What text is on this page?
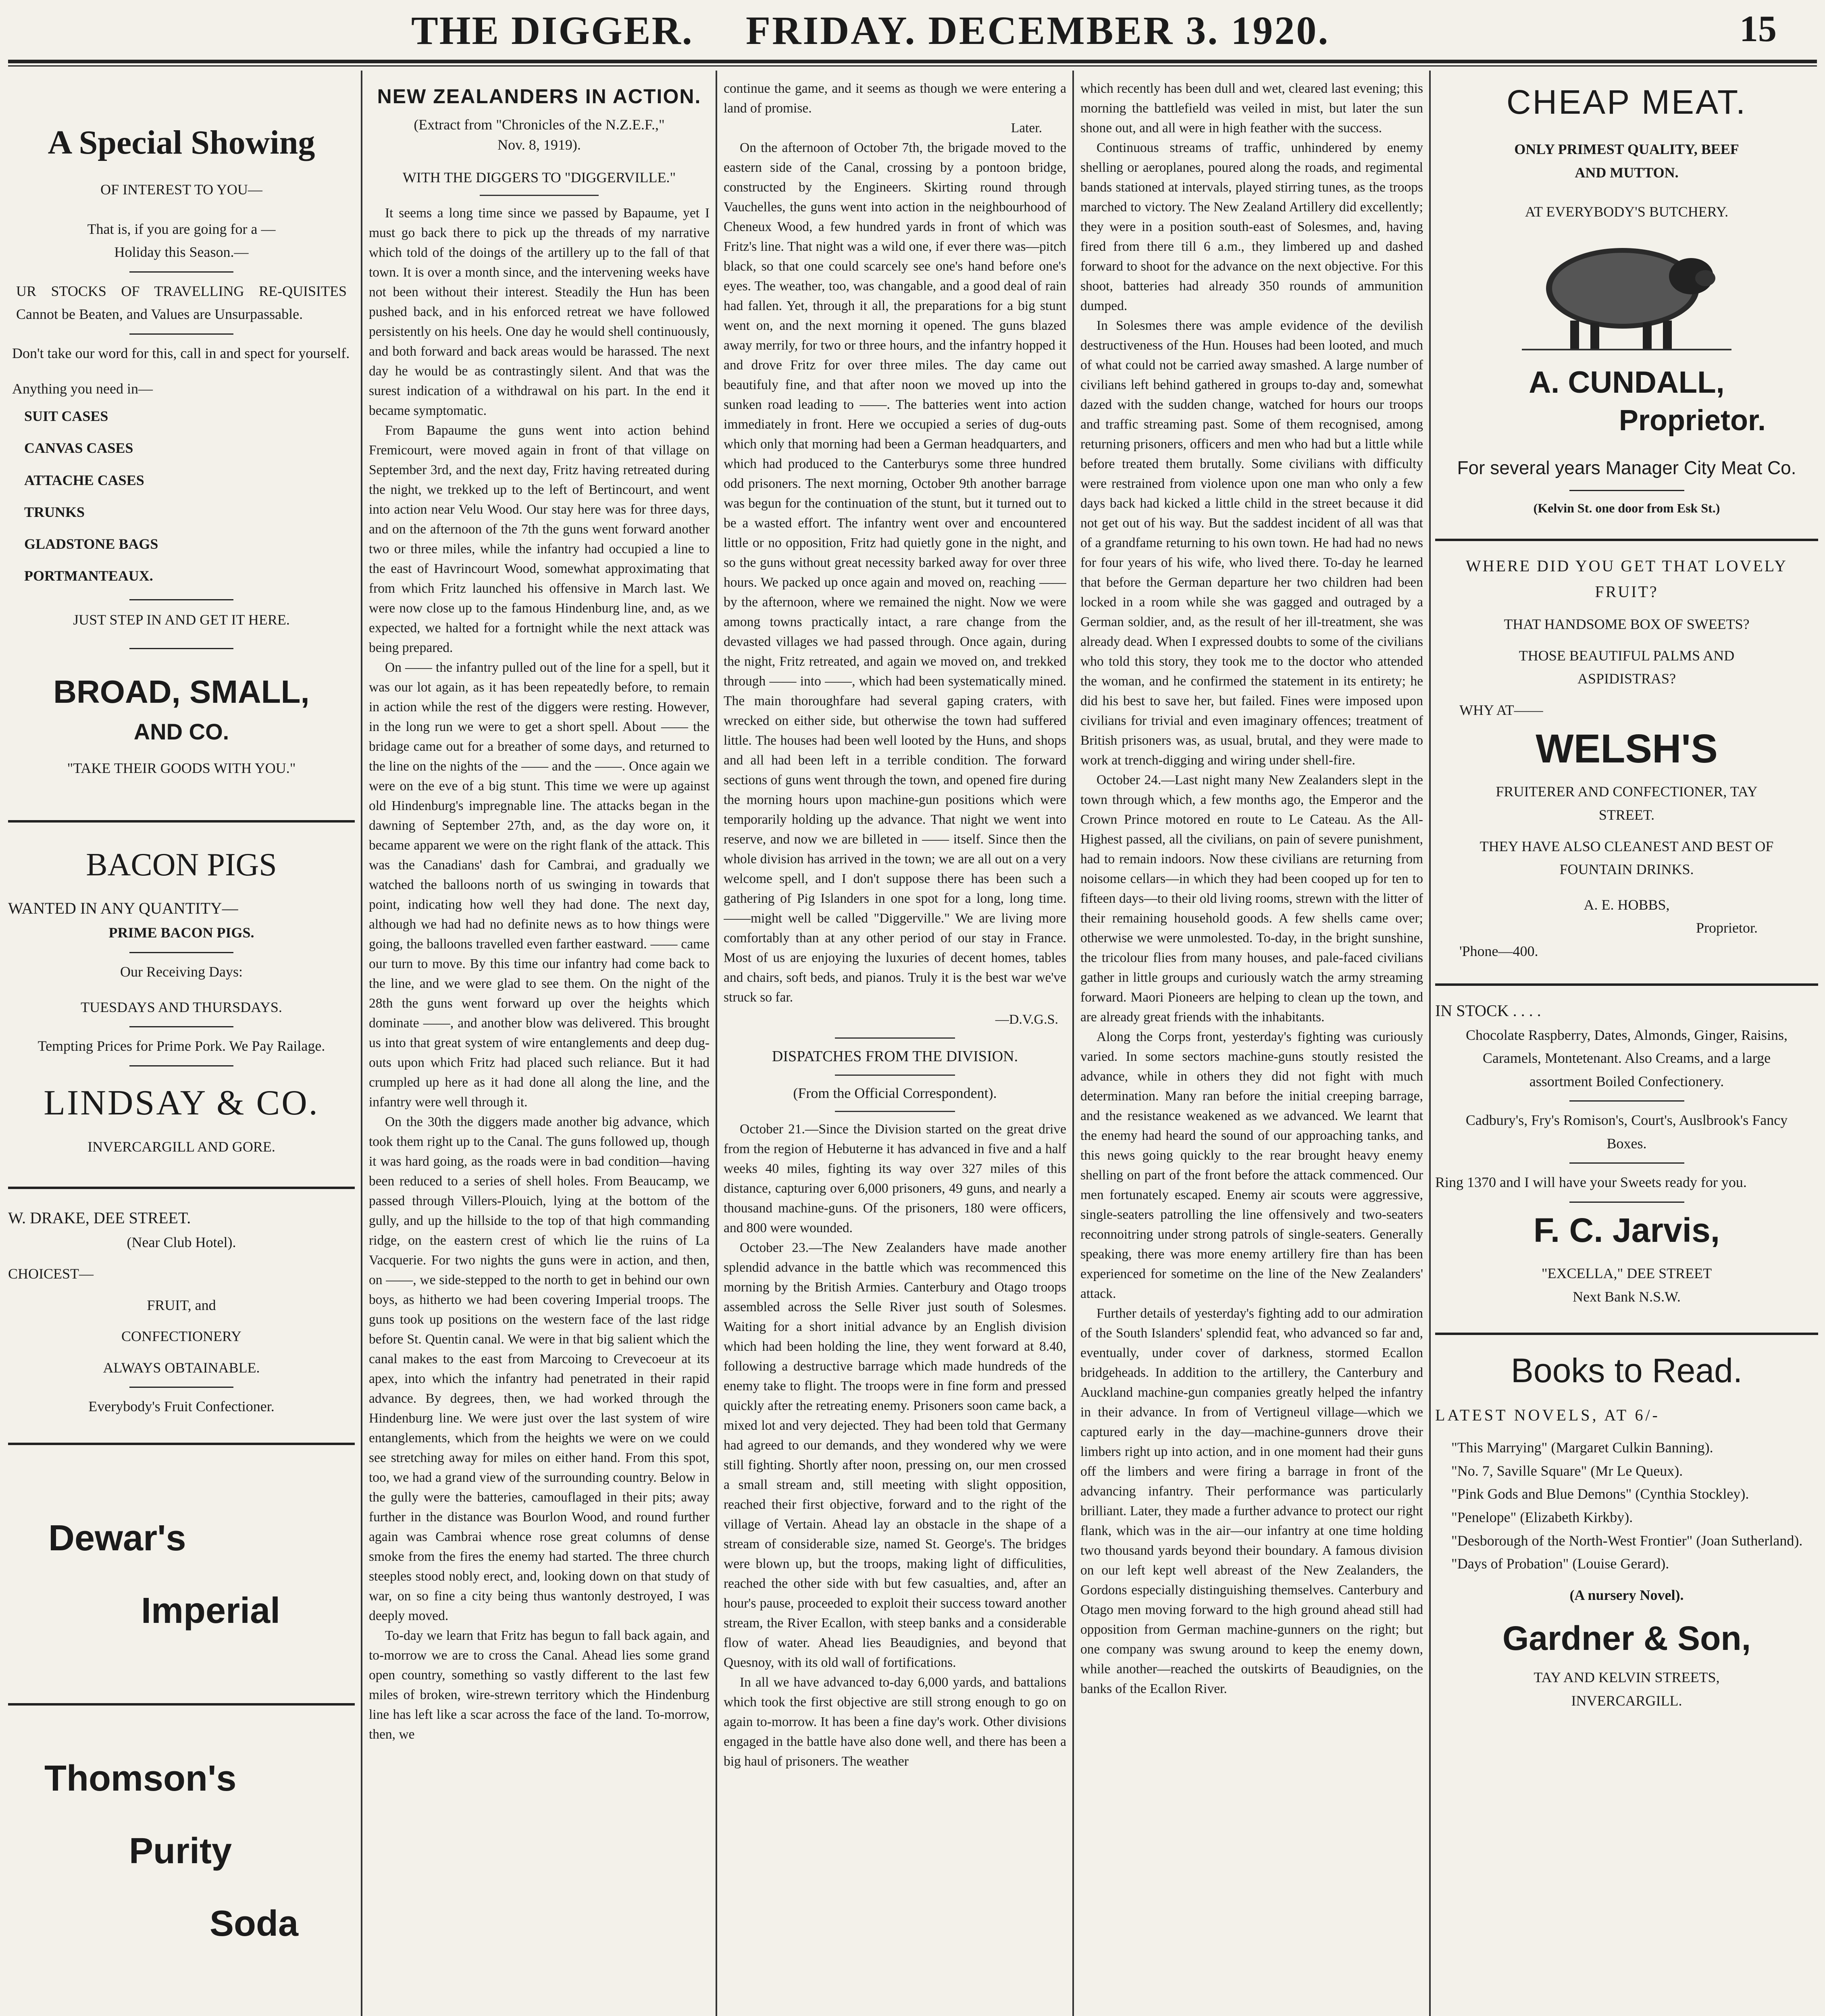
THE DIGGER. FRIDAY. DECEMBER 3. 1920.	15
A Special Showing
OF INTEREST TO YOU—
That is, if you are going for a —Holiday this Season.—
UR STOCKS OF TRAVELLING RE-QUISITES Cannot be Beaten, and Values are Unsurpassable.
Don't take our word for this, call in and spect for yourself.
Anything you need in—
SUIT CASES
CANVAS CASES
ATTACHE CASES
TRUNKS
GLADSTONE BAGS
PORTMANTEAUX.
JUST STEP IN AND GET IT HERE.
BROAD, SMALL,
AND CO.
"TAKE THEIR GOODS WITH YOU."
BACON PIGS
WANTED IN ANY QUANTITY—
PRIME BACON PIGS.
Our Receiving Days:
TUESDAYS AND THURSDAYS.
Tempting Prices for Prime Pork. We Pay Railage.
LINDSAY & CO.
INVERCARGILL AND GORE.
W. DRAKE, DEE STREET.
(Near Club Hotel).
CHOICEST—
FRUIT, and
CONFECTIONERY
ALWAYS OBTAINABLE.
Everybody's Fruit Confectioner.
Dewar's
Imperial
Thomson's
Purity
Soda
NEW ZEALANDERS IN ACTION.
(Extract from "Chronicles of the N.Z.E.F.," Nov. 8, 1919).
WITH THE DIGGERS TO "DIGGERVILLE."

It seems a long time since we passed by Bapaume, yet I must go back there to pick up the threads of my narrative which told of the doings of the artillery up to the fall of that town. It is over a month since, and the intervening weeks have not been without their interest. Steadily the Hun has been pushed back, and in his enforced retreat we have followed persistently on his heels. One day he would shell continuously, and both forward and back areas would be harassed. The next day he would be as contrastingly silent. And that was the surest indication of a withdrawal on his part. In the end it became symptomatic.

From Bapaume the guns went into action behind Fremicourt, were moved again in front of that village on September 3rd, and the next day, Fritz having retreated during the night, we trekked up to the left of Bertincourt, and went into action near Velu Wood. Our stay here was for three days, and on the afternoon of the 7th the guns went forward another two or three miles, while the infantry had occupied a line to the east of Havrincourt Wood, somewhat approximating that from which Fritz launched his offensive in March last. We were now close up to the famous Hindenburg line, and, as we expected, we halted for a fortnight while the next attack was being prepared.

On —— the infantry pulled out of the line for a spell, but it was our lot again, as it has been repeatedly before, to remain in action while the rest of the diggers were resting. However, in the long run we were to get a short spell. About —— the bridage came out for a breather of some days, and returned to the line on the nights of the —— and the ——. Once again we were on the eve of a big stunt. This time we were up against old Hindenburg's impregnable line. The attacks began in the dawning of September 27th, and, as the day wore on, it became apparent we were on the right flank of the attack. This was the Canadians' dash for Cambrai, and gradually we watched the balloons north of us swinging in towards that point, indicating how well they had done. The next day, although we had had no definite news as to how things were going, the balloons travelled even farther eastward. —— came our turn to move. By this time our infantry had come back to the line, and we were glad to see them. On the night of the 28th the guns went forward up over the heights which dominate ——, and another blow was delivered. This brought us into that great system of wire entanglements and deep dug-outs upon which Fritz had placed such reliance. But it had crumpled up here as it had done all along the line, and the infantry were well through it.

On the 30th the diggers made another big advance, which took them right up to the Canal. The guns followed up, though it was hard going, as the roads were in bad condition—having been reduced to a series of shell holes. From Beaucamp, we passed through Villers-Plouich, lying at the bottom of the gully, and up the hillside to the top of that high commanding ridge, on the eastern crest of which lie the ruins of La Vacquerie. For two nights the guns were in action, and then, on ——, we side-stepped to the north to get in behind our own boys, as hitherto we had been covering Imperial troops. The guns took up positions on the western face of the last ridge before St. Quentin canal. We were in that big salient which the canal makes to the east from Marcoing to Crevecoeur at its apex, into which the infantry had penetrated in their rapid advance. By degrees, then, we had worked through the Hindenburg line. We were just over the last system of wire entanglements, which from the heights we were on we could see stretching away for miles on either hand. From this spot, too, we had a grand view of the surrounding country. Below in the gully were the batteries, camouflaged in their pits; away further in the distance was Bourlon Wood, and round further again was Cambrai whence rose great columns of dense smoke from the fires the enemy had started. The three church steeples stood nobly erect, and, looking down on that study of war, on so fine a city being thus wantonly destroyed, I was deeply moved.

To-day we learn that Fritz has begun to fall back again, and to-morrow we are to cross the Canal. Ahead lies some grand open country, something so vastly different to the last few miles of broken, wire-strewn territory which the Hindenburg line has left like a scar across the face of the land. To-morrow, then, we

continue the game, and it seems as though we were entering a land of promise.

Later.

On the afternoon of October 7th, the brigade moved to the eastern side of the Canal, crossing by a pontoon bridge, constructed by the Engineers. Skirting round through Vauchelles, the guns went into action in the neighbourhood of Cheneux Wood, a few hundred yards in front of which was Fritz's line. That night was a wild one, if ever there was—pitch black, so that one could scarcely see one's hand before one's eyes. The weather, too, was changable, and a good deal of rain had fallen. Yet, through it all, the preparations for a big stunt went on, and the next morning it opened. The guns blazed away merrily, for two or three hours, and the infantry hopped it and drove Fritz for over three miles. The day came out beautifuly fine, and that after noon we moved up into the sunken road leading to ——. The batteries went into action immediately in front. Here we occupied a series of dug-outs which only that morning had been a German headquarters, and which had produced to the Canterburys some three hundred odd prisoners. The next morning, October 9th another barrage was begun for the continuation of the stunt, but it turned out to be a wasted effort. The infantry went over and encountered little or no opposition, Fritz had quietly gone in the night, and so the guns without great necessity barked away for over three hours. We packed up once again and moved on, reaching —— by the afternoon, where we remained the night. Now we were among towns practically intact, a rare change from the devasted villages we had passed through. Once again, during the night, Fritz retreated, and again we moved on, and trekked through —— into ——, which had been systematically mined. The main thoroughfare had several gaping craters, with wrecked on either side, but otherwise the town had suffered little. The houses had been well looted by the Huns, and shops and all had been left in a terrible condition. The forward sections of guns went through the town, and opened fire during the morning hours upon machine-gun positions which were temporarily holding up the advance. That night we went into reserve, and now we are billeted in —— itself. Since then the whole division has arrived in the town; we are all out on a very welcome spell, and I don't suppose there has been such a gathering of Pig Islanders in one spot for a long, long time. ——might well be called "Diggerville." We are living more comfortably than at any other period of our stay in France. Most of us are enjoying the luxuries of decent homes, tables and chairs, soft beds, and pianos. Truly it is the best war we've struck so far.

—D.V.G.S.
DISPATCHES FROM THE DIVISION.
(From the Official Correspondent).

October 21.—Since the Division started on the great drive from the region of Hebuterne it has advanced in five and a half weeks 40 miles, fighting its way over 327 miles of this distance, capturing over 6,000 prisoners, 49 guns, and nearly a thousand machine-guns. Of the prisoners, 180 were officers, and 800 were wounded.

October 23.—The New Zealanders have made another splendid advance in the battle which was recommenced this morning by the British Armies. Canterbury and Otago troops assembled across the Selle River just south of Solesmes. Waiting for a short initial advance by an English division which had been holding the line, they went forward at 8.40, following a destructive barrage which made hundreds of the enemy take to flight. The troops were in fine form and pressed quickly after the retreating enemy. Prisoners soon came back, a mixed lot and very dejected. They had been told that Germany had agreed to our demands, and they wondered why we were still fighting. Shortly after noon, pressing on, our men crossed a small stream and, still meeting with slight opposition, reached their first objective, forward and to the right of the village of Vertain. Ahead lay an obstacle in the shape of a stream of considerable size, named St. George's. The bridges were blown up, but the troops, making light of difficulities, reached the other side with but few casualties, and, after an hour's pause, proceeded to exploit their success toward another stream, the River Ecallon, with steep banks and a considerable flow of water. Ahead lies Beaudignies, and beyond that Quesnoy, with its old wall of fortifications.

In all we have advanced to-day 6,000 yards, and battalions which took the first objective are still strong enough to go on again to-morrow. It has been a fine day's work. Other divisions engaged in the battle have also done well, and there has been a big haul of prisoners. The weather

which recently has been dull and wet, cleared last evening; this morning the battlefield was veiled in mist, but later the sun shone out, and all were in high feather with the success.

Continuous streams of traffic, unhindered by enemy shelling or aeroplanes, poured along the roads, and regimental bands stationed at intervals, played stirring tunes, as the troops marched to victory. The New Zealand Artillery did excellently; they were in a position south-east of Solesmes, and, having fired from there till 6 a.m., they limbered up and dashed forward to shoot for the advance on the next objective. For this shoot, batteries had already 350 rounds of ammunition dumped.

In Solesmes there was ample evidence of the devilish destructiveness of the Hun. Houses had been looted, and much of what could not be carried away smashed. A large number of civilians left behind gathered in groups to-day and, somewhat dazed with the sudden change, watched for hours our troops and traffic streaming past. Some of them recognised, among returning prisoners, officers and men who had but a little while before treated them brutally. Some civilians with difficulty were restrained from violence upon one man who only a few days back had kicked a little child in the street because it did not get out of his way. But the saddest incident of all was that of a grandfame returning to his own town. He had had no news for four years of his wife, who lived there. To-day he learned that before the German departure her two children had been locked in a room while she was gagged and outraged by a German soldier, and, as the result of her ill-treatment, she was already dead. When I expressed doubts to some of the civilians who told this story, they took me to the doctor who attended the woman, and he confirmed the statement in its entirety; he did his best to save her, but failed. Fines were imposed upon civilians for trivial and even imaginary offences; treatment of British prisoners was, as usual, brutal, and they were made to work at trench-digging and wiring under shell-fire.

October 24.—Last night many New Zealanders slept in the town through which, a few months ago, the Emperor and the Crown Prince motored en route to Le Cateau. As the All-Highest passed, all the civilians, on pain of severe punishment, had to remain indoors. Now these civilians are returning from noisome cellars—in which they had been cooped up for ten to fifteen days—to their old living rooms, strewn with the litter of their remaining household goods. A few shells came over; otherwise we were unmolested. To-day, in the bright sunshine, the tricolour flies from many houses, and pale-faced civilians gather in little groups and curiously watch the army streaming forward. Maori Pioneers are helping to clean up the town, and are already great friends with the inhabitants.

Along the Corps front, yesterday's fighting was curiously varied. In some sectors machine-guns stoutly resisted the advance, while in others they did not fight with much determination. Many ran before the initial creeping barrage, and the resistance weakened as we advanced. We learnt that the enemy had heard the sound of our approaching tanks, and this news going quickly to the rear brought heavy enemy shelling on part of the front before the attack commenced. Our men fortunately escaped. Enemy air scouts were aggressive, single-seaters patrolling the line offensively and two-seaters reconnoitring under strong patrols of single-seaters. Generally speaking, there was more enemy artillery fire than has been experienced for sometime on the line of the New Zealanders' attack.

Further details of yesterday's fighting add to our admiration of the South Islanders' splendid feat, who advanced so far and, eventually, under cover of darkness, stormed Ecallon bridgeheads. In addition to the artillery, the Canterbury and Auckland machine-gun companies greatly helped the infantry in their advance. In from of Vertigneul village—which we captured early in the day—machine-gunners drove their limbers right up into action, and in one moment had their guns off the limbers and were firing a barrage in front of the advancing infantry. Their performance was particularly brilliant. Later, they made a further advance to protect our right flank, which was in the air—our infantry at one time holding two thousand yards beyond their boundary. A famous division on our left kept well abreast of the New Zealanders, the Gordons especially distinguishing themselves. Canterbury and Otago men moving forward to the high ground ahead still had opposition from German machine-gunners on the right; but one company was swung around to keep the enemy down, while another—reached the outskirts of Beaudignies, on the banks of the Ecallon River.

CHEAP MEAT.
ONLY PRIMEST QUALITY, BEEF AND MUTTON.
AT EVERYBODY'S BUTCHERY.
A. CUNDALL,
Proprietor.
For several years Manager City Meat Co.
(Kelvin St. one door from Esk St.)
WHERE DID YOU GET THAT LOVELY FRUIT?
THAT HANDSOME BOX OF SWEETS?
THOSE BEAUTIFUL PALMS AND ASPIDISTRAS?
WHY AT——
WELSH'S
FRUITERER AND CONFECTIONER, TAY STREET.
THEY HAVE ALSO CLEANEST AND BEST OF FOUNTAIN DRINKS.
A. E. HOBBS,
Proprietor.
'Phone—400.
IN STOCK . . . .
Chocolate Raspberry, Dates, Almonds, Ginger, Raisins, Caramels, Montetenant. Also Creams, and a large assortment Boiled Confectionery.
Cadbury's, Fry's Romison's, Court's, Auslbrook's Fancy Boxes.
Ring 1370 and I will have your Sweets ready for you.
F. C. Jarvis,
"EXCELLA," DEE STREET
Next Bank N.S.W.
Books to Read.
LATEST NOVELS, AT 6/-
"This Marrying" (Margaret Culkin Banning).
"No. 7, Saville Square" (Mr Le Queux).
"Pink Gods and Blue Demons" (Cynthia Stockley).
"Penelope" (Elizabeth Kirkby).
"Desborough of the North-West Frontier" (Joan Sutherland).
"Days of Probation" (Louise Gerard).
(A nursery Novel).
Gardner & Son,
TAY AND KELVIN STREETS,
INVERCARGILL.
